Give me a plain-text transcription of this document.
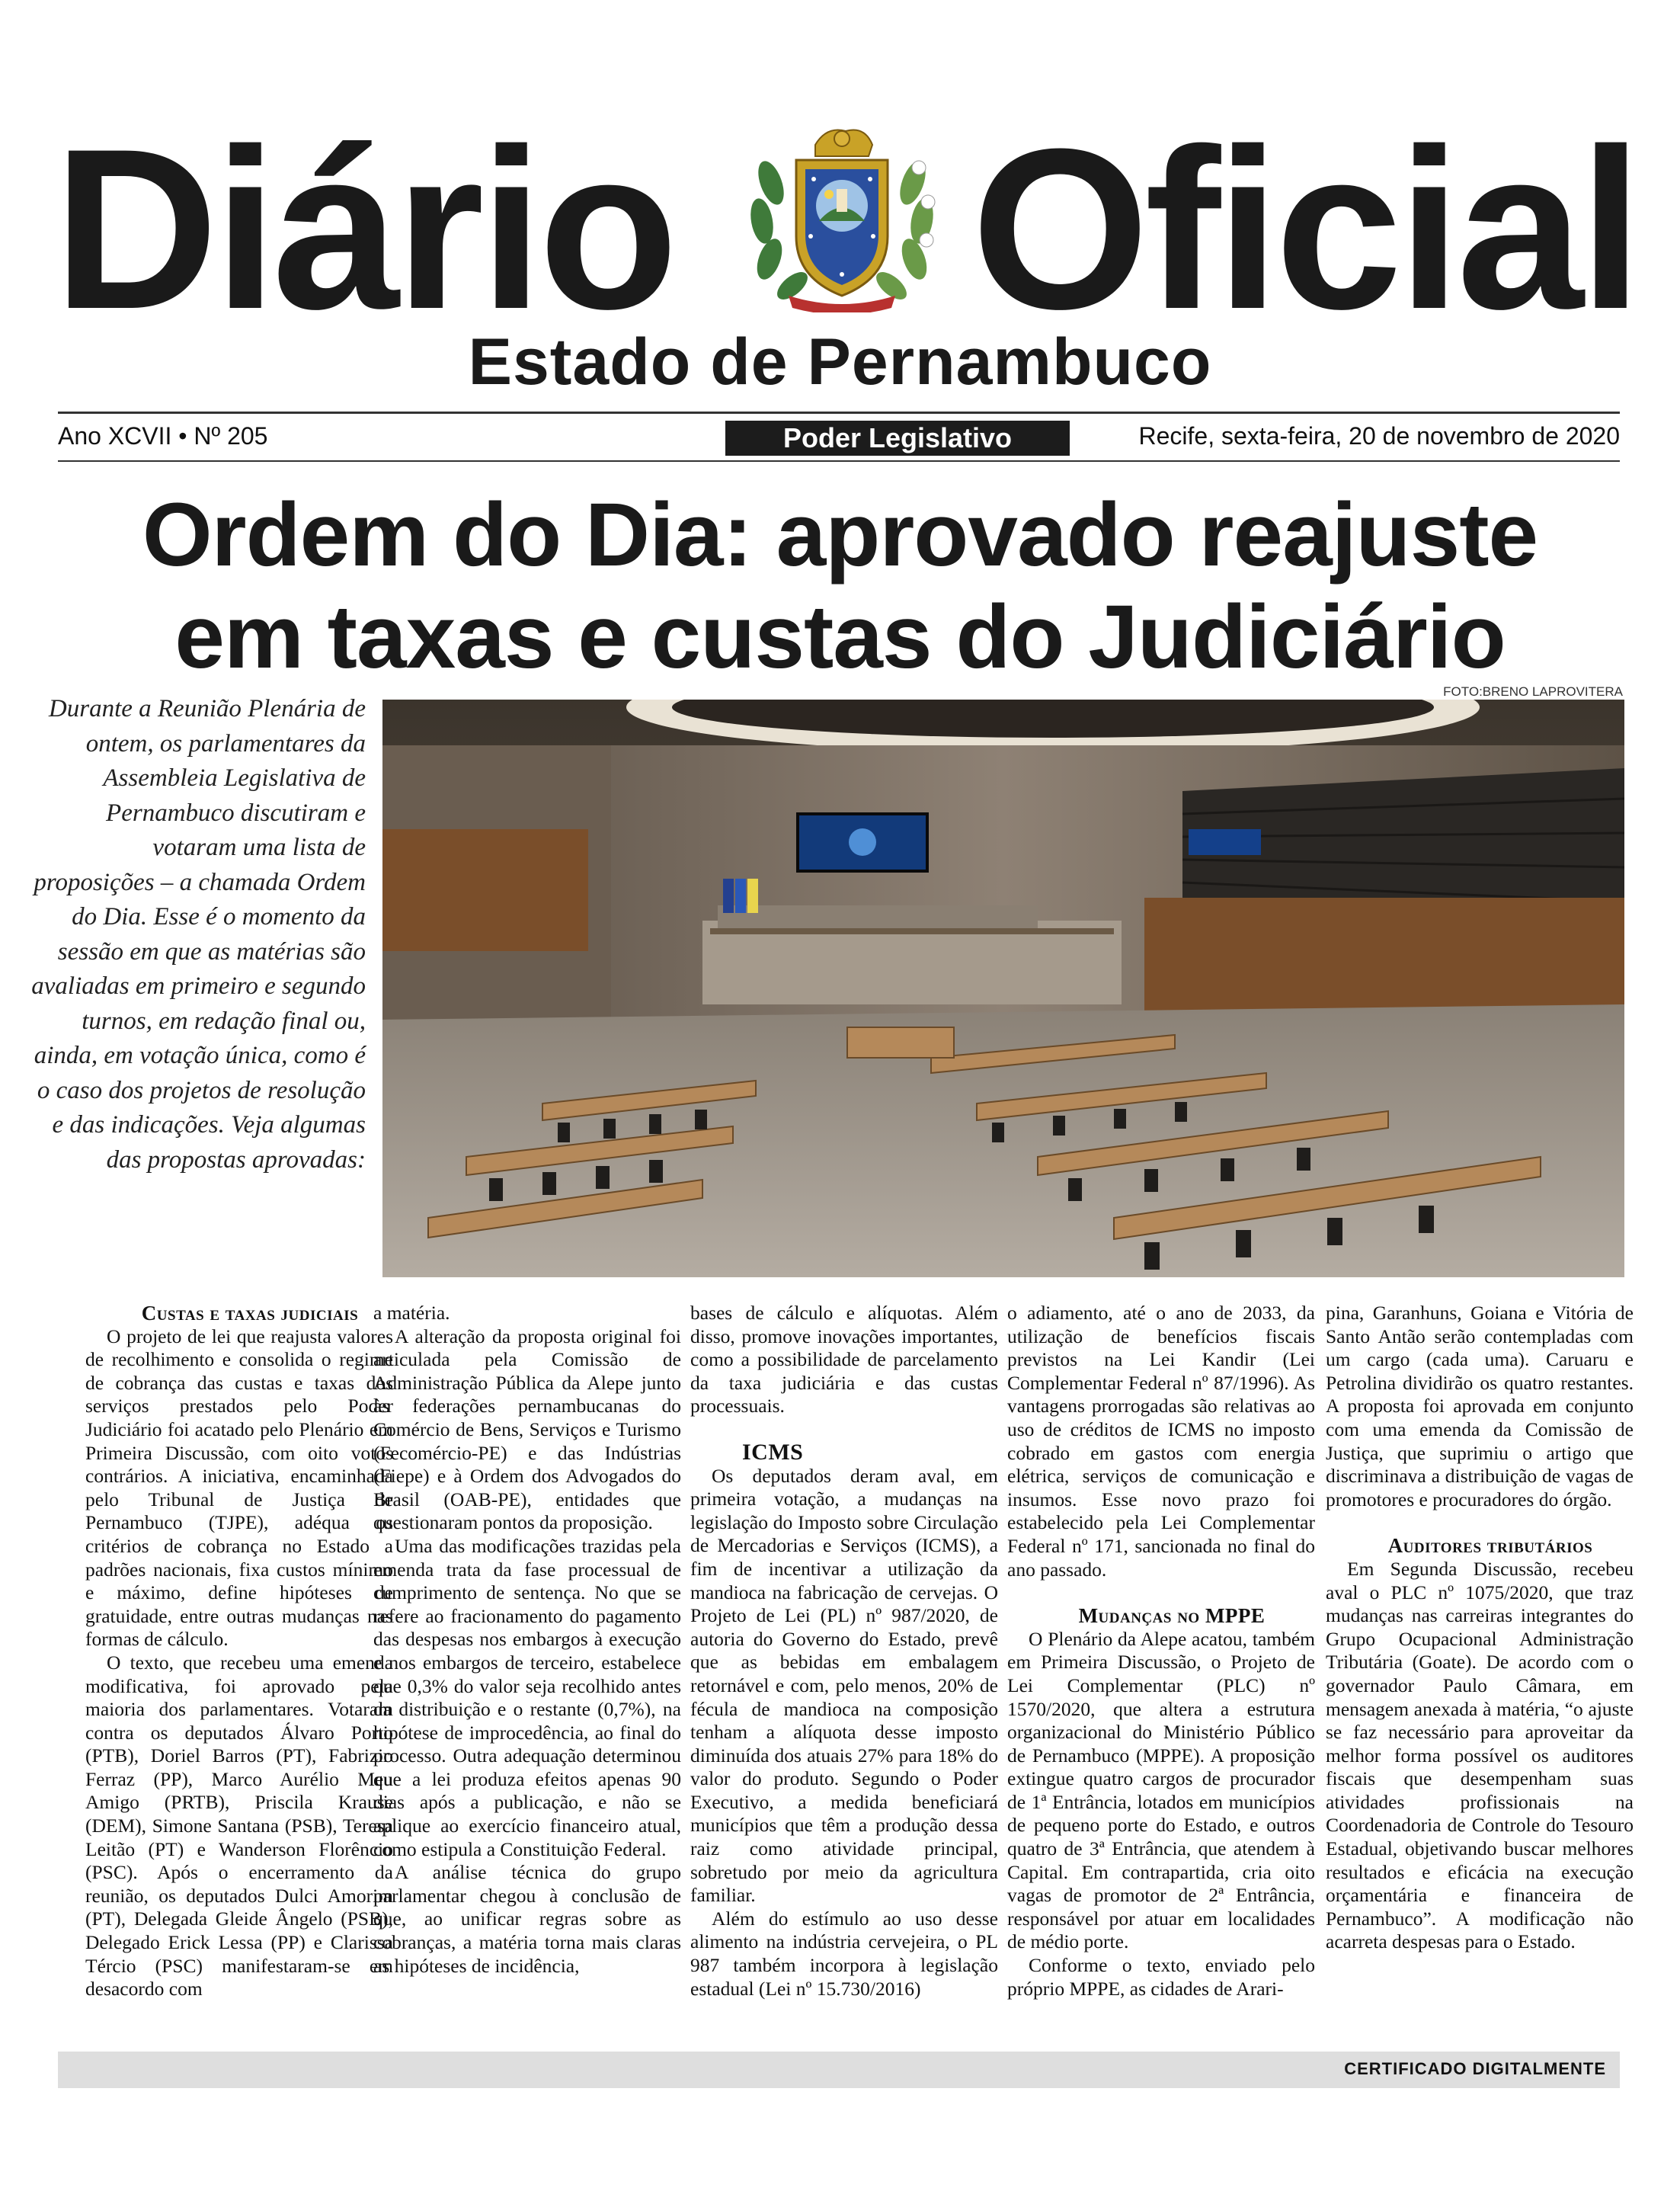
Diário Oficial
Estado de Pernambuco
Ano XCVII • Nº 205	Poder Legislativo	Recife, sexta-feira, 20 de novembro de 2020
Ordem do Dia: aprovado reajuste
em taxas e custas do Judiciário
FOTO:BRENO LAPROVITERA
Durante a Reunião Plenária de ontem, os parlamentares da Assembleia Legislativa de Pernambuco discutiram e votaram uma lista de proposições – a chamada Ordem do Dia. Esse é o momento da sessão em que as matérias são avaliadas em primeiro e segundo turnos, em redação final ou, ainda, em votação única, como é o caso dos projetos de resolução e das indicações. Veja algumas das propostas aprovadas:

Custas e taxas judiciais

O projeto de lei que reajusta valores de recolhimento e consolida o regime de cobrança das custas e taxas dos serviços prestados pelo Poder Judiciário foi acatado pelo Plenário em Primeira Discussão, com oito votos contrários. A iniciativa, encaminhada pelo Tribunal de Justiça de Pernambuco (TJPE), adéqua os critérios de cobrança no Estado a padrões nacionais, fixa custos mínimo e máximo, define hipóteses de gratuidade, entre outras mudanças nas formas de cálculo.

O texto, que recebeu uma emenda modificativa, foi aprovado pela maioria dos parlamentares. Votaram contra os deputados Álvaro Porto (PTB), Doriel Barros (PT), Fabrizio Ferraz (PP), Marco Aurélio Meu Amigo (PRTB), Priscila Krause (DEM), Simone Santana (PSB), Teresa Leitão (PT) e Wanderson Florêncio (PSC). Após o encerramento da reunião, os deputados Dulci Amorim (PT), Delegada Gleide Ângelo (PSB), Delegado Erick Lessa (PP) e Clarissa Tércio (PSC) manifestaram-se em desacordo com

a matéria.

A alteração da proposta original foi articulada pela Comissão de Administração Pública da Alepe junto às federações pernambucanas do Comércio de Bens, Serviços e Turismo (Fecomércio-PE) e das Indústrias (Fiepe) e à Ordem dos Advogados do Brasil (OAB-PE), entidades que questionaram pontos da proposição.

Uma das modificações trazidas pela emenda trata da fase processual de cumprimento de sentença. No que se refere ao fracionamento do pagamento das despesas nos embargos à execução e nos embargos de terceiro, estabelece que 0,3% do valor seja recolhido antes da distribuição e o restante (0,7%), na hipótese de improcedência, ao final do processo. Outra adequação determinou que a lei produza efeitos apenas 90 dias após a publicação, e não se aplique ao exercício financeiro atual, como estipula a Constituição Federal.

A análise técnica do grupo parlamentar chegou à conclusão de que, ao unificar regras sobre as cobranças, a matéria torna mais claras as hipóteses de incidência,

bases de cálculo e alíquotas. Além disso, promove inovações importantes, como a possibilidade de parcelamento da taxa judiciária e das custas processuais.

ICMS

Os deputados deram aval, em primeira votação, a mudanças na legislação do Imposto sobre Circulação de Mercadorias e Serviços (ICMS), a fim de incentivar a utilização da mandioca na fabricação de cervejas. O Projeto de Lei (PL) nº 987/2020, de autoria do Governo do Estado, prevê que as bebidas em embalagem retornável e com, pelo menos, 20% de fécula de mandioca na composição tenham a alíquota desse imposto diminuída dos atuais 27% para 18% do valor do produto. Segundo o Poder Executivo, a medida beneficiará municípios que têm a produção dessa raiz como atividade principal, sobretudo por meio da agricultura familiar.

Além do estímulo ao uso desse alimento na indústria cervejeira, o PL 987 também incorpora à legislação estadual (Lei nº 15.730/2016)

o adiamento, até o ano de 2033, da utilização de benefícios fiscais previstos na Lei Kandir (Lei Complementar Federal nº 87/1996). As vantagens prorrogadas são relativas ao uso de créditos de ICMS no imposto cobrado em gastos com energia elétrica, serviços de comunicação e insumos. Esse novo prazo foi estabelecido pela Lei Complementar Federal nº 171, sancionada no final do ano passado.

Mudanças no MPPE

O Plenário da Alepe acatou, também em Primeira Discussão, o Projeto de Lei Complementar (PLC) nº 1570/2020, que altera a estrutura organizacional do Ministério Público de Pernambuco (MPPE). A proposição extingue quatro cargos de procurador de 1ª Entrância, lotados em municípios de pequeno porte do Estado, e outros quatro de 3ª Entrância, que atendem à Capital. Em contrapartida, cria oito vagas de promotor de 2ª Entrância, responsável por atuar em localidades de médio porte.

Conforme o texto, enviado pelo próprio MPPE, as cidades de Arari-

pina, Garanhuns, Goiana e Vitória de Santo Antão serão contempladas com um cargo (cada uma). Caruaru e Petrolina dividirão os quatro restantes. A proposta foi aprovada em conjunto com uma emenda da Comissão de Justiça, que suprimiu o artigo que discriminava a distribuição de vagas de promotores e procuradores do órgão.

Auditores tributários

Em Segunda Discussão, recebeu aval o PLC nº 1075/2020, que traz mudanças nas carreiras integrantes do Grupo Ocupacional Administração Tributária (Goate). De acordo com o governador Paulo Câmara, em mensagem anexada à matéria, “o ajuste se faz necessário para aproveitar da melhor forma possível os auditores fiscais que desempenham suas atividades profissionais na Coordenadoria de Controle do Tesouro Estadual, objetivando buscar melhores resultados e eficácia na execução orçamentária e financeira de Pernambuco”. A modificação não acarreta despesas para o Estado.

CERTIFICADO DIGITALMENTE
